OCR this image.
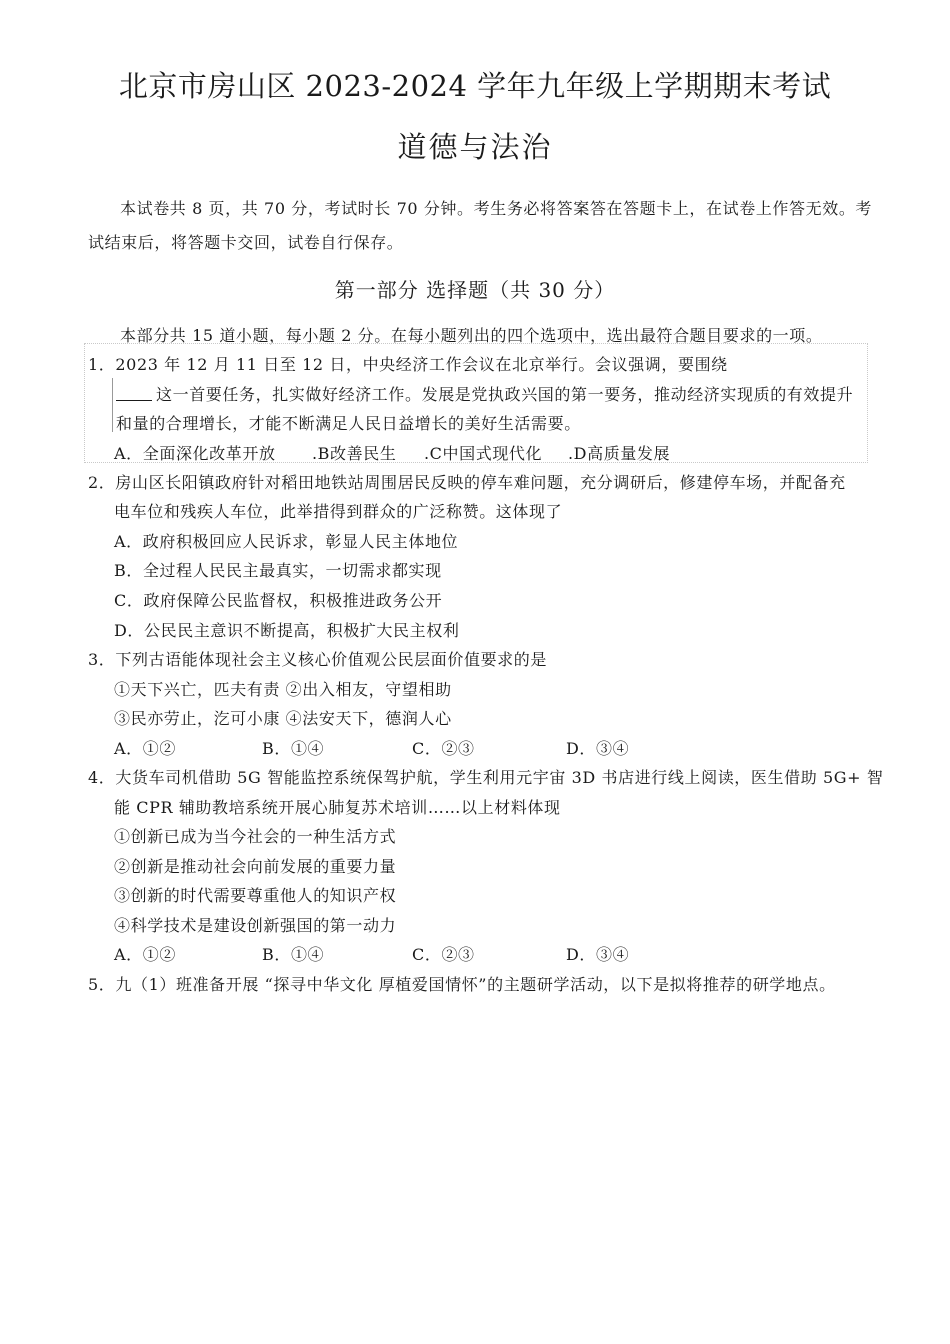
北京市房山区 2023-2024 学年九年级上学期期末考试
道德与法治
本试卷共 8 页，共 70 分，考试时长 70 分钟。考生务必将答案答在答题卡上，在试卷上作答无效。考
试结束后，将答题卡交回，试卷自行保存。
第一部分 选择题（共 30 分）
本部分共 15 道小题，每小题 2 分。在每小题列出的四个选项中，选出最符合题目要求的一项。
1．2023 年 12 月 11 日至 12 日，中央经济工作会议在北京举行。会议强调，要围绕
这一首要任务，扎实做好经济工作。发展是党执政兴国的第一要务，推动经济实现质的有效提升
和量的合理增长，才能不断满足人民日益增长的美好生活需要。
A．全面深化改革开放 .B改善民生 .C中国式现代化 .D高质量发展
2．房山区长阳镇政府针对稻田地铁站周围居民反映的停车难问题，充分调研后，修建停车场，并配备充
电车位和残疾人车位，此举措得到群众的广泛称赞。这体现了
A．政府积极回应人民诉求，彰显人民主体地位
B．全过程人民民主最真实，一切需求都实现
C．政府保障公民监督权，积极推进政务公开
D．公民民主意识不断提高，积极扩大民主权利
3．下列古语能体现社会主义核心价值观公民层面价值要求的是
①天下兴亡，匹夫有责 ②出入相友，守望相助
③民亦劳止，汔可小康 ④法安天下，德润人心
A．①②	B．①④	C．②③	D．③④
4．大货车司机借助 5G 智能监控系统保驾护航，学生利用元宇宙 3D 书店进行线上阅读，医生借助 5G+ 智
能 CPR 辅助教培系统开展心肺复苏术培训……以上材料体现
①创新已成为当今社会的一种生活方式
②创新是推动社会向前发展的重要力量
③创新的时代需要尊重他人的知识产权
④科学技术是建设创新强国的第一动力
A．①②	B．①④	C．②③	D．③④
5．九（1）班准备开展 “探寻中华文化 厚植爱国情怀”的主题研学活动，以下是拟将推荐的研学地点。
